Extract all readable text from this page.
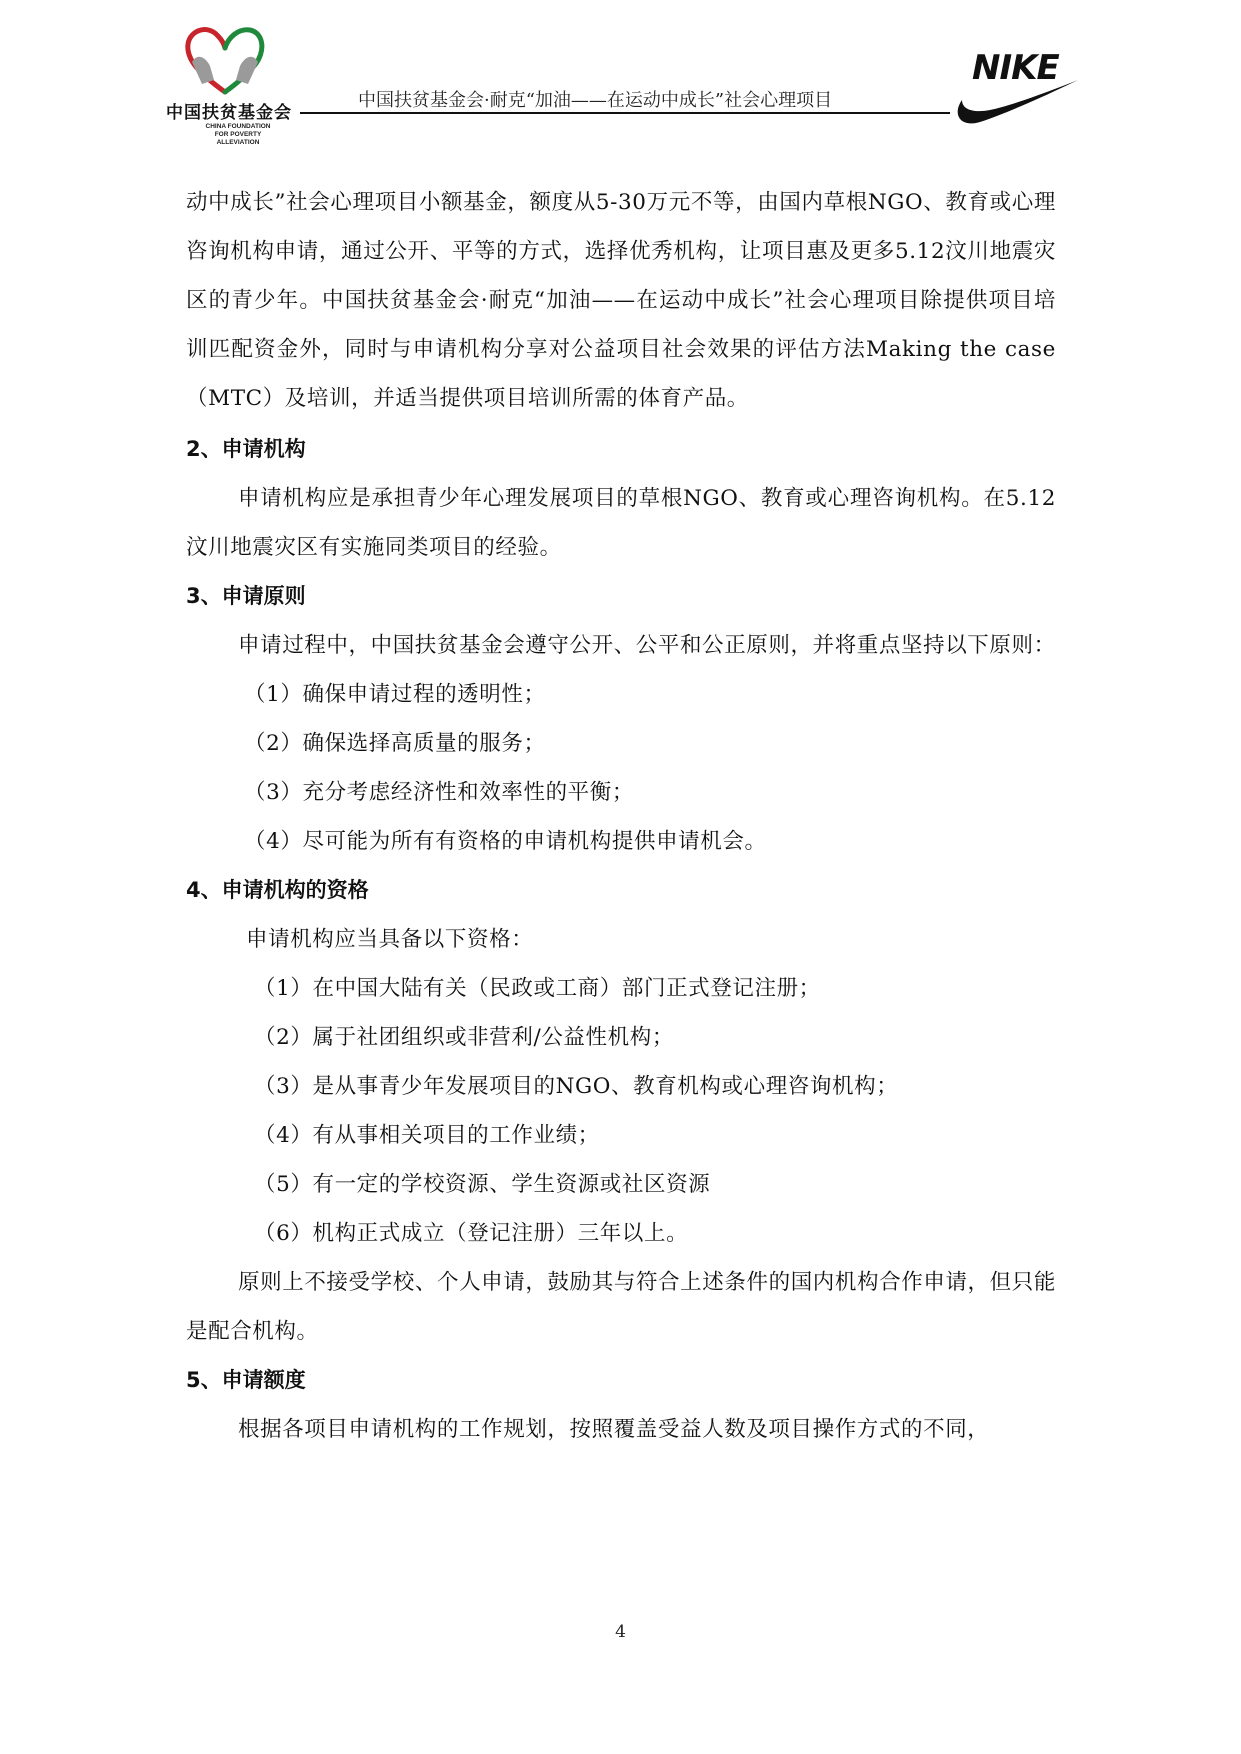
中国扶贫基金会
CHINA FOUNDATION
FOR POVERTY ALLEVIATION
中国扶贫基金会·耐克“加油——在运动中成长”社会心理项目
NIKE

动中成长”社会心理项目小额基金，额度从5-30万元不等，由国内草根NGO、教育或心理咨询机构申请，通过公开、平等的方式，选择优秀机构，让项目惠及更多5.12汶川地震灾区的青少年。中国扶贫基金会·耐克“加油——在运动中成长”社会心理项目除提供项目培训匹配资金外，同时与申请机构分享对公益项目社会效果的评估方法Making the case（MTC）及培训，并适当提供项目培训所需的体育产品。

2、申请机构

申请机构应是承担青少年心理发展项目的草根NGO、教育或心理咨询机构。在5.12汶川地震灾区有实施同类项目的经验。

3、申请原则

申请过程中，中国扶贫基金会遵守公开、公平和公正原则，并将重点坚持以下原则：

（1）确保申请过程的透明性；

（2）确保选择高质量的服务；

（3）充分考虑经济性和效率性的平衡；

（4）尽可能为所有有资格的申请机构提供申请机会。

4、申请机构的资格

申请机构应当具备以下资格：

（1）在中国大陆有关（民政或工商）部门正式登记注册；

（2）属于社团组织或非营利/公益性机构；

（3）是从事青少年发展项目的NGO、教育机构或心理咨询机构；

（4）有从事相关项目的工作业绩；

（5）有一定的学校资源、学生资源或社区资源

（6）机构正式成立（登记注册）三年以上。

原则上不接受学校、个人申请，鼓励其与符合上述条件的国内机构合作申请，但只能是配合机构。

5、申请额度

根据各项目申请机构的工作规划，按照覆盖受益人数及项目操作方式的不同，

4
